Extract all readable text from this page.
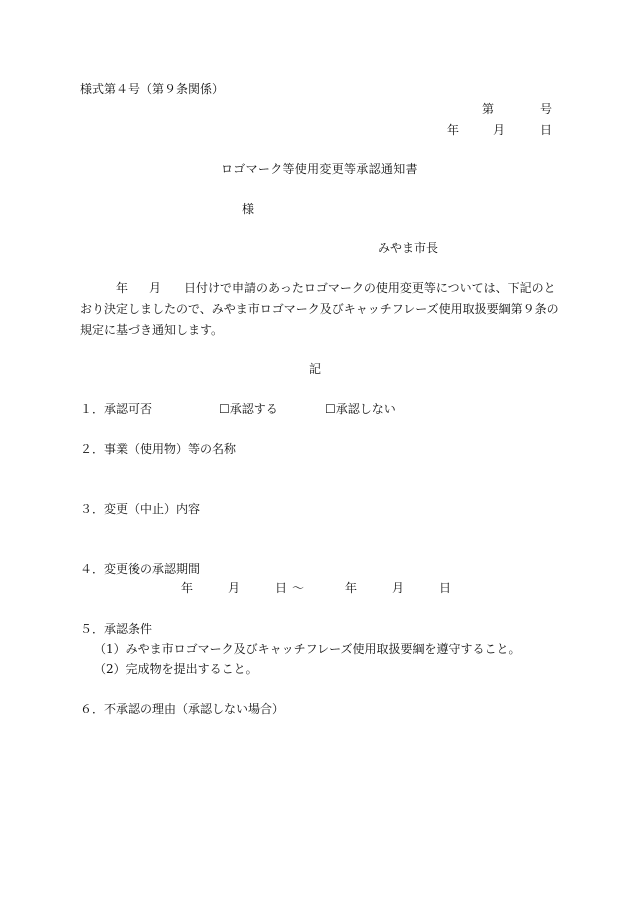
様式第４号（第９条関係）
第	号
年	月	日
ロゴマーク等使用変更等承認通知書
様
みやま市長
年 月 日付けで申請のあったロゴマークの使用変更等については、下記のと
おり決定しましたので、みやま市ロゴマーク及びキャッチフレーズ使用取扱要綱第９条の
規定に基づき通知します。
記
１．承認可否	☐承認する	☐承認しない
２．事業（使用物）等の名称
３．変更（中止）内容
４．変更後の承認期間
年	月	日 ～	年	月	日
５．承認条件
（1）みやま市ロゴマーク及びキャッチフレーズ使用取扱要綱を遵守すること。
（2）完成物を提出すること。
６．不承認の理由（承認しない場合）
